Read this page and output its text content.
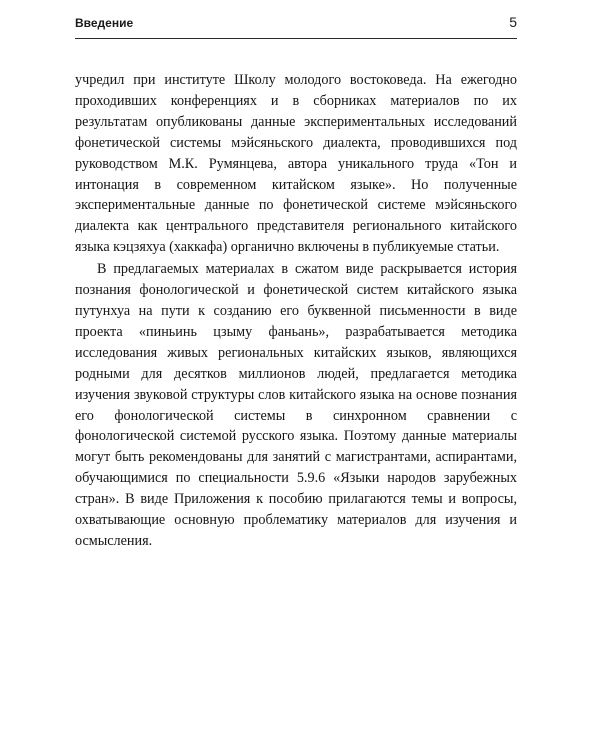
Введение	5

учредил при институте Школу молодого востоковеда. На ежегодно проходивших конференциях и в сборниках материалов по их результатам опубликованы данные экспериментальных исследований фонетической системы мэйсяньского диалекта, проводившихся под руководством М.К. Румянцева, автора уникального труда «Тон и интонация в современном китайском языке». Но полученные экспериментальные данные по фонетической системе мэйсяньского диалекта как центрального представителя регионального китайского языка кэцзяхуа (хаккафа) органично включены в публикуемые статьи.

В предлагаемых материалах в сжатом виде раскрывается история познания фонологической и фонетической систем китайского языка путунхуа на пути к созданию его буквенной письменности в виде проекта «пиньинь цзыму фаньань», разрабатывается методика исследования живых региональных китайских языков, являющихся родными для десятков миллионов людей, предлагается методика изучения звуковой структуры слов китайского языка на основе познания его фонологической системы в синхронном сравнении с фонологической системой русского языка. Поэтому данные материалы могут быть рекомендованы для занятий с магистрантами, аспирантами, обучающимися по специальности 5.9.6 «Языки народов зарубежных стран». В виде Приложения к пособию прилагаются темы и вопросы, охватывающие основную проблематику материалов для изучения и осмысления.
